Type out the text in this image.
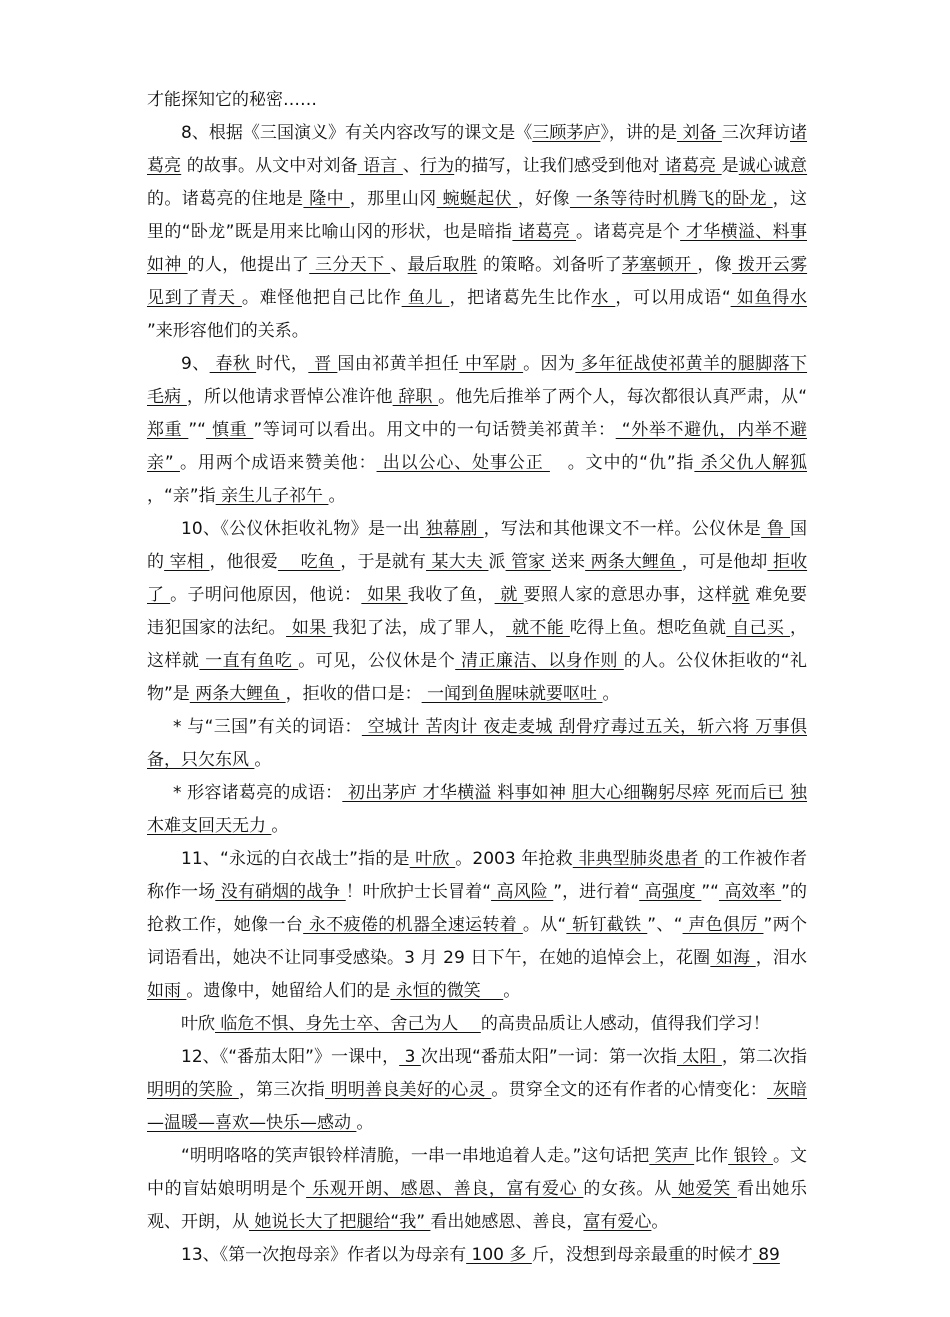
才能探知它的秘密……

8、根据《三国演义》有关内容改写的课文是《三顾茅庐》，讲的是 刘备 三次拜访诸葛亮 的故事。从文中对刘备 语言 、行为的描写，让我们感受到他对 诸葛亮 是诚心诚意 的。诸葛亮的住地是 隆中 ，那里山冈 蜿蜒起伏 ，好像 一条等待时机腾飞的卧龙 ，这里的“卧龙”既是用来比喻山冈的形状，也是暗指 诸葛亮 。诸葛亮是个 才华横溢、料事如神 的人，他提出了 三分天下 、最后取胜 的策略。刘备听了茅塞顿开 ，像 拨开云雾见到了青天 。难怪他把自己比作 鱼儿 ，把诸葛先生比作水 ，可以用成语“ 如鱼得水 ”来形容他们的关系。

9、 春秋 时代， 晋 国由祁黄羊担任 中军尉 。因为 多年征战使祁黄羊的腿脚落下毛病 ，所以他请求晋悼公准许他 辞职 。他先后推举了两个人，每次都很认真严肃，从“ 郑重 ”“ 慎重 ”等词可以看出。用文中的一句话赞美祁黄羊： “外举不避仇，内举不避亲” 。用两个成语来赞美他： 出以公心、处事公正 　。文中的“仇”指 杀父仇人解狐 ，“亲”指 亲生儿子祁午 。

10、《公仪休拒收礼物》是一出 独幕剧 ，写法和其他课文不一样。公仪休是 鲁 国的 宰相 ，他很爱　 吃鱼 ，于是就有 某大夫 派 管家 送来 两条大鲤鱼 ，可是他却 拒收了 。子明问他原因，他说： 如果 我收了鱼， 就 要照人家的意思办事，这样就 难免要违犯国家的法纪。 如果 我犯了法，成了罪人， 就不能 吃得上鱼。想吃鱼就 自己买 ，这样就 一直有鱼吃 。可见，公仪休是个 清正廉洁、以身作则 的人。公仪休拒收的“礼物”是 两条大鲤鱼 ，拒收的借口是： 一闻到鱼腥味就要呕吐 。

* 与“三国”有关的词语： 空城计 苦肉计 夜走麦城 刮骨疗毒过五关，斩六将 万事俱备，只欠东风 。

* 形容诸葛亮的成语： 初出茅庐 才华横溢 料事如神 胆大心细鞠躬尽瘁 死而后已 独木难支回天无力 。

11、“永远的白衣战士”指的是 叶欣 。2003 年抢救 非典型肺炎患者 的工作被作者称作一场 没有硝烟的战争 ！叶欣护士长冒着“ 高风险 ”，进行着“ 高强度 ”“ 高效率 ”的抢救工作，她像一台 永不疲倦的机器全速运转着 。从“ 斩钉截铁 ”、“ 声色俱厉 ”两个词语看出，她决不让同事受感染。3 月 29 日下午，在她的追悼会上，花圈 如海 ，泪水 如雨 。遗像中，她留给人们的是 永恒的微笑　 。

叶欣 临危不惧、身先士卒、舍己为人　 的高贵品质让人感动，值得我们学习！

12、《“番茄太阳”》一课中， 3 次出现“番茄太阳”一词：第一次指 太阳 ，第二次指 明明的笑脸 ，第三次指 明明善良美好的心灵 。贯穿全文的还有作者的心情变化： 灰暗—温暖—喜欢—快乐—感动 。

“明明咯咯的笑声银铃样清脆，一串一串地追着人走。”这句话把 笑声 比作 银铃 。文中的盲姑娘明明是个 乐观开朗、感恩、善良，富有爱心 的女孩。从 她爱笑 看出她乐观、开朗，从 她说长大了把腿给“我” 看出她感恩、善良，富有爱心。

13、《第一次抱母亲》作者以为母亲有 100 多 斤，没想到母亲最重的时候才 89
